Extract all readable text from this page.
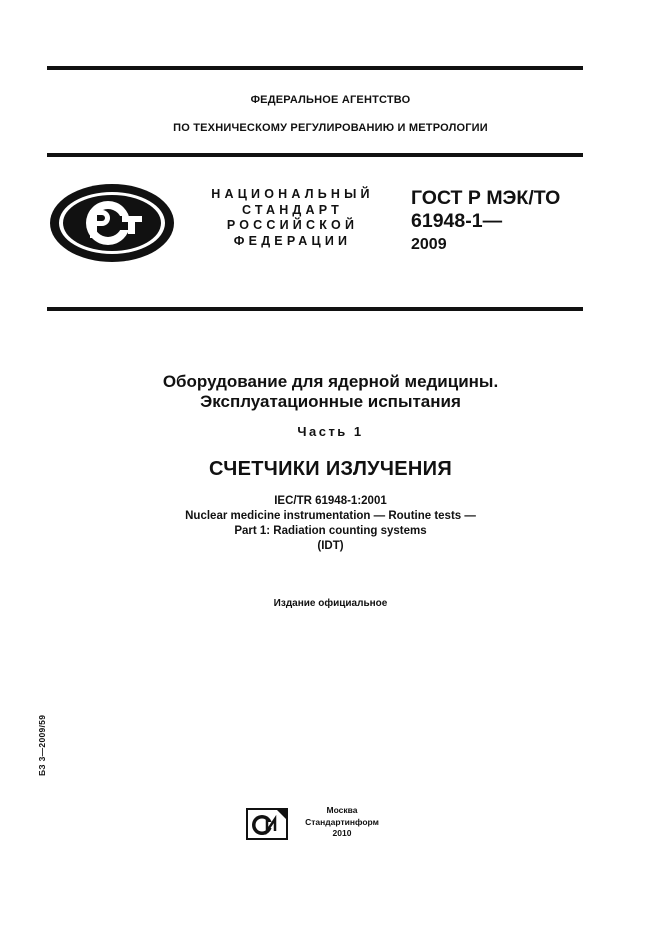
ФЕДЕРАЛЬНОЕ АГЕНТСТВО
ПО ТЕХНИЧЕСКОМУ РЕГУЛИРОВАНИЮ И МЕТРОЛОГИИ
НАЦИОНАЛЬНЫЙ
СТАНДАРТ
РОССИЙСКОЙ
ФЕДЕРАЦИИ
ГОСТ Р МЭК/ТО
61948-1—
2009
Оборудование для ядерной медицины.
Эксплуатационные испытания
Часть 1
СЧЕТЧИКИ ИЗЛУЧЕНИЯ
IEC/TR 61948-1:2001
Nuclear medicine instrumentation — Routine tests —
Part 1: Radiation counting systems
(IDT)
Издание официальное
БЗ 3—2009/59
Москва
Стандартинформ
2010
